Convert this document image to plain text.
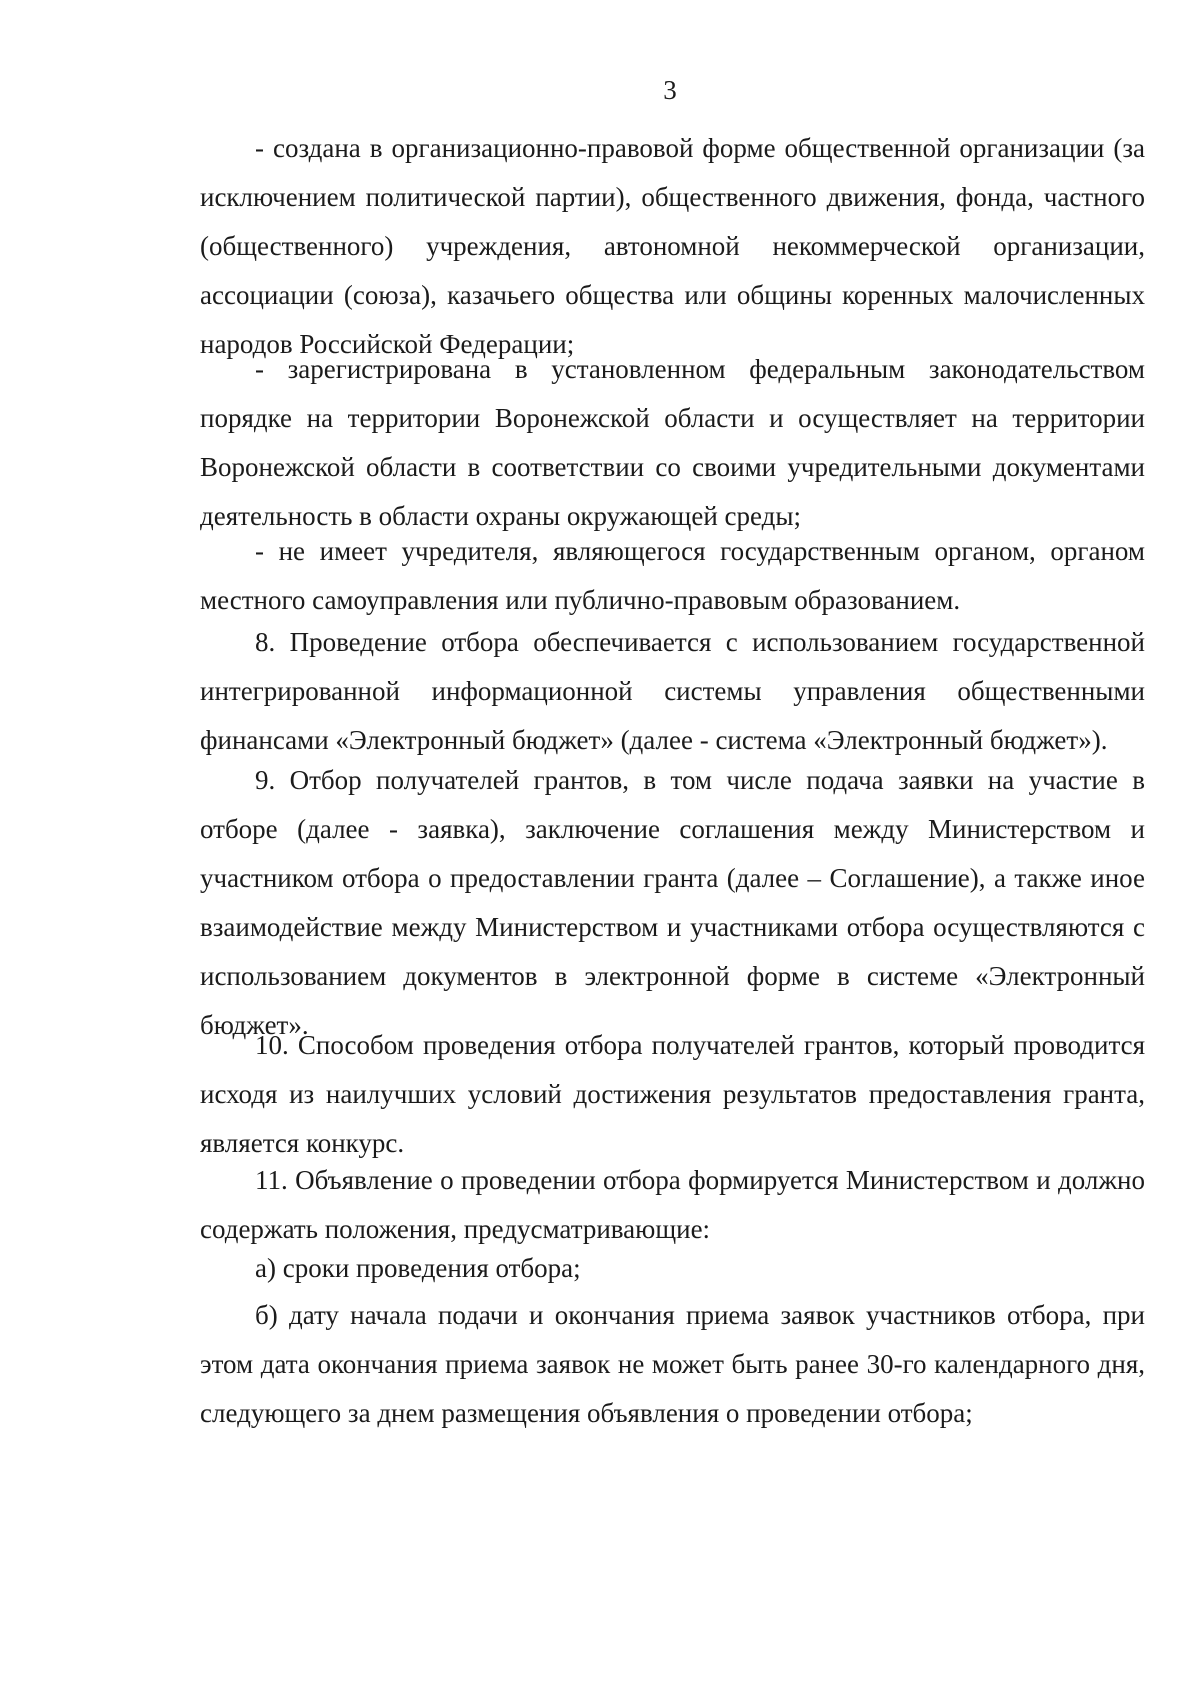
3

- создана в организационно-правовой форме общественной организации (за исключением политической партии), общественного движения, фонда, частного (общественного) учреждения, автономной некоммерческой организации, ассоциации (союза), казачьего общества или общины коренных малочисленных народов Российской Федерации;

- зарегистрирована в установленном федеральным законодательством порядке на территории Воронежской области и осуществляет на территории Воронежской области в соответствии со своими учредительными документами деятельность в области охраны окружающей среды;

- не имеет учредителя, являющегося государственным органом, органом местного самоуправления или публично-правовым образованием.

8. Проведение отбора обеспечивается с использованием государственной интегрированной информационной системы управления общественными финансами «Электронный бюджет» (далее - система «Электронный бюджет»).

9. Отбор получателей грантов, в том числе подача заявки на участие в отборе (далее - заявка), заключение соглашения между Министерством и участником отбора о предоставлении гранта (далее – Соглашение), а также иное взаимодействие между Министерством и участниками отбора осуществляются с использованием документов в электронной форме в системе «Электронный бюджет».

10. Способом проведения отбора получателей грантов, который проводится исходя из наилучших условий достижения результатов предоставления гранта, является конкурс.

11. Объявление о проведении отбора формируется Министерством и должно содержать положения, предусматривающие:

а) сроки проведения отбора;

б) дату начала подачи и окончания приема заявок участников отбора, при этом дата окончания приема заявок не может быть ранее 30-го календарного дня, следующего за днем размещения объявления о проведении отбора;
